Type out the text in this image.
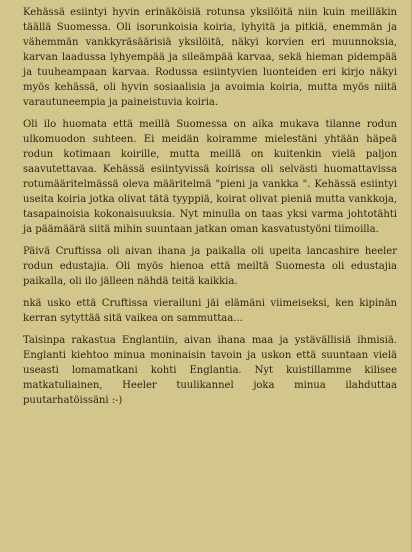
Kehässä esiintyi hyvin erinäköisiä rotunsa yksilöitä niin kuin meilläkin täällä Suomessa. Oli isorunkoisia koiria, lyhyitä ja pitkiä, enemmän ja vähemmän vankkyräsäärisiä yksilöitä, näkyi korvien eri muunnoksia, karvan laadussa lyhyempää ja sileämpää karvaa, sekä hieman pidempää ja tuuheampaan karvaa. Rodussa esiintyvien luonteiden eri kirjo näkyi myös kehässä, oli hyvin sosiaalisia ja avoimia koiria, mutta myös niitä varautuneempia ja paineistuvia koiria.

Oli ilo huomata että meillä Suomessa on aika mukava tilanne rodun ulkomuodon suhteen. Ei meidän koiramme mielestäni yhtään häpeä rodun kotimaan koirille, mutta meillä on kuitenkin vielä paljon saavutettavaa. Kehässä esiintyvissä koirissa oli selvästi huomattavissa rotumääritelmässä oleva määritelmä "pieni ja vankka ". Kehässä esiintyi useita koiria jotka olivat tätä tyyppiä, koirat olivat pieniä mutta vankkoja, tasapainoisia kokonaisuuksia. Nyt minulla on taas yksi varma johtotähti ja päämäärä siitä mihin suuntaan jatkan oman kasvatustyöni tiimoilla.

Päivä Cruftissa oli aivan ihana ja paikalla oli upeita lancashire heeler rodun edustajia. Oli myös hienoa että meiltä Suomesta oli edustajia paikalla, oli ilo jälleen nähdä teitä kaikkia.

nkä usko että Cruftissa vierailuni jäi elämäni viimeiseksi, ken kipinän kerran sytyttää sitä vaikea on sammuttaa...

Taisinpa rakastua Englantiin, aivan ihana maa ja ystävällisiä ihmisiä. Englanti kiehtoo minua moninaisin tavoin ja uskon että suuntaan vielä useasti lomamatkani kohti Englantia. Nyt kuistillamme kilisee matkatuliainen, Heeler tuulikannel joka minua ilahduttaa puutarhatöissäni :-)
